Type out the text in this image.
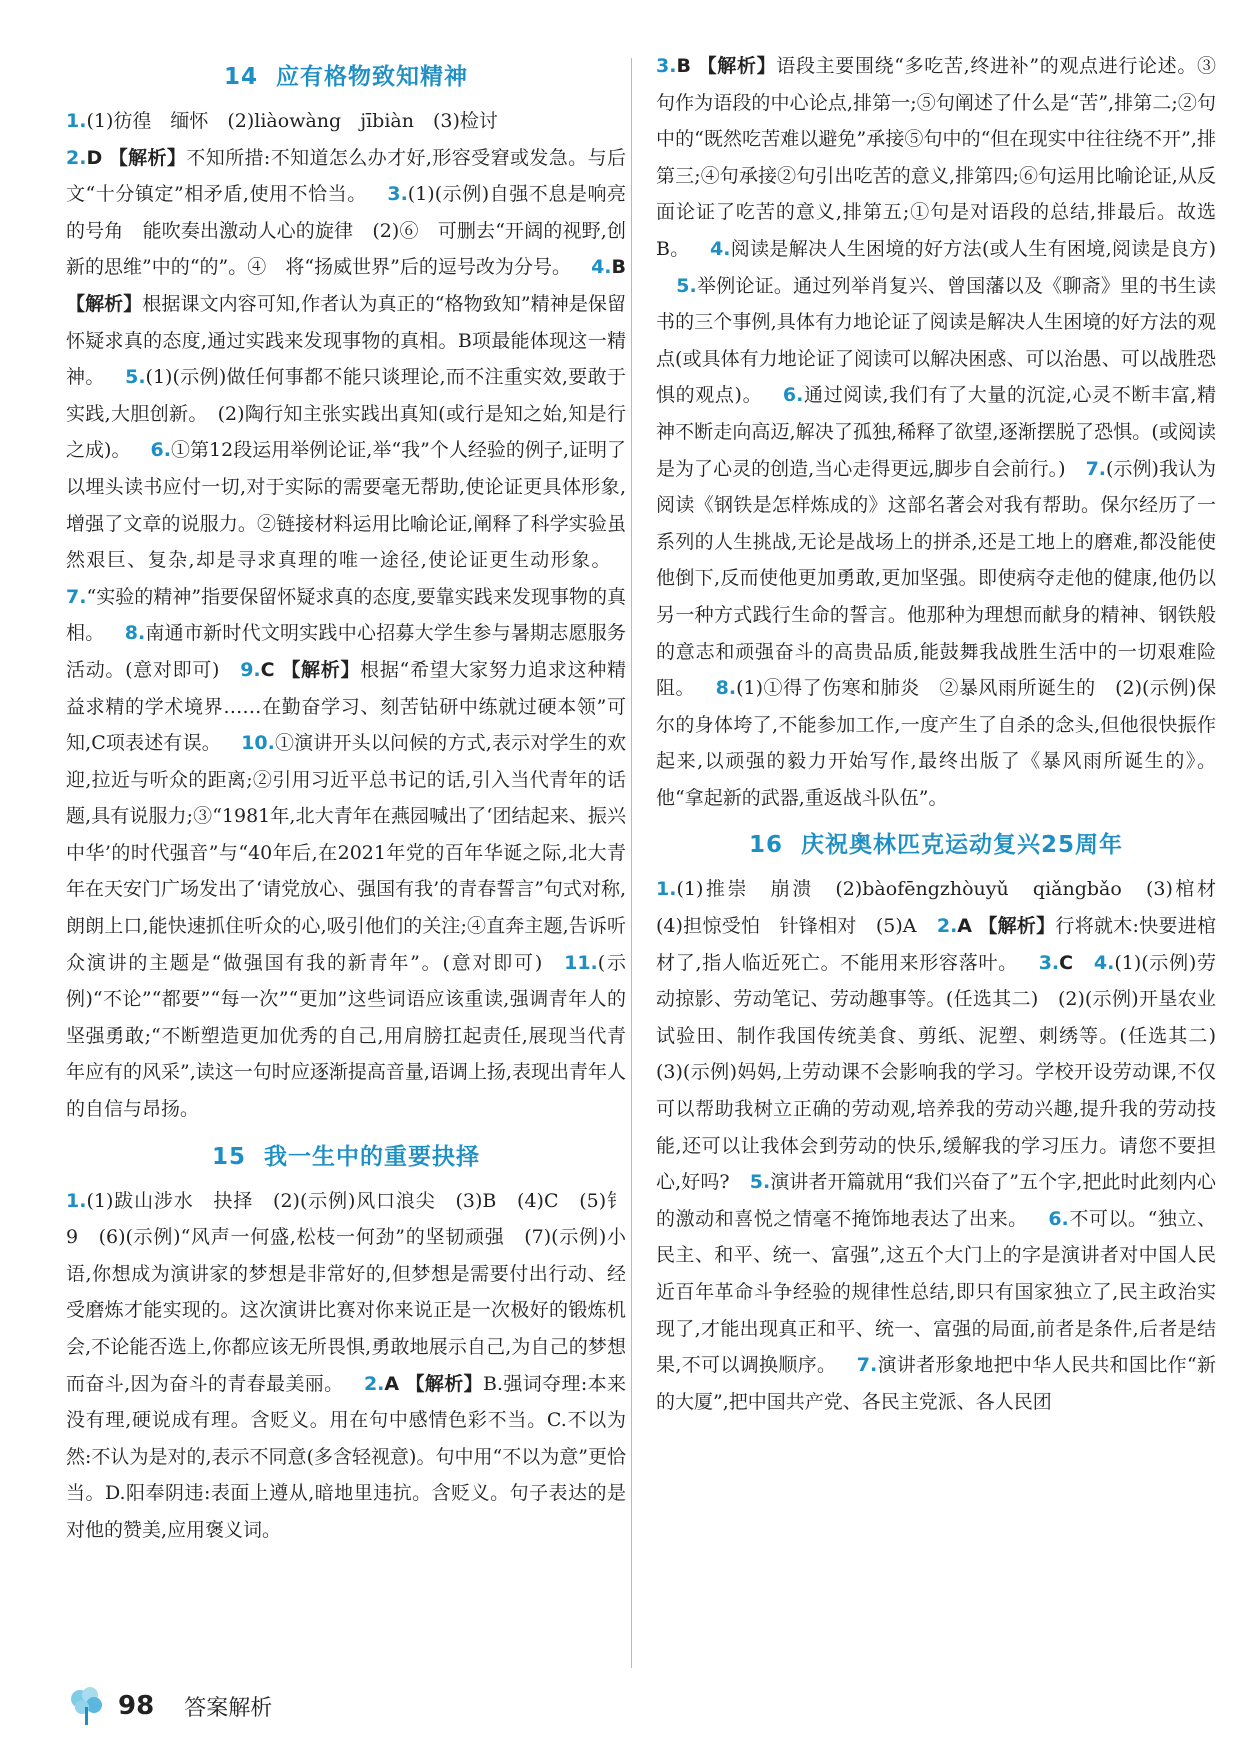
14 应有格物致知精神

1.(1)彷徨　缅怀　(2)liàowàng　jībiàn　(3)检讨
2.D 【解析】不知所措:不知道怎么办才好,形容受窘或发急。与后文“十分镇定”相矛盾,使用不恰当。 3.(1)(示例)自强不息是响亮的号角　能吹奏出激动人心的旋律　(2)⑥　可删去“开阔的视野,创新的思维”中的“的”。④　将“扬威世界”后的逗号改为分号。 4.B 【解析】根据课文内容可知,作者认为真正的“格物致知”精神是保留怀疑求真的态度,通过实践来发现事物的真相。B项最能体现这一精神。 5.(1)(示例)做任何事都不能只谈理论,而不注重实效,要敢于实践,大胆创新。　(2)陶行知主张实践出真知(或行是知之始,知是行之成)。 6.①第12段运用举例论证,举“我”个人经验的例子,证明了以埋头读书应付一切,对于实际的需要毫无帮助,使论证更具体形象,增强了文章的说服力。②链接材料运用比喻论证,阐释了科学实验虽然艰巨、复杂,却是寻求真理的唯一途径,使论证更生动形象。 7.“实验的精神”指要保留怀疑求真的态度,要靠实践来发现事物的真相。 8.南通市新时代文明实践中心招募大学生参与暑期志愿服务活动。(意对即可) 9.C 【解析】根据“希望大家努力追求这种精益求精的学术境界……在勤奋学习、刻苦钻研中练就过硬本领”可知,C项表述有误。 10.①演讲开头以问候的方式,表示对学生的欢迎,拉近与听众的距离;②引用习近平总书记的话,引入当代青年的话题,具有说服力;③“1981年,北大青年在燕园喊出了‘团结起来、振兴中华’的时代强音”与“40年后,在2021年党的百年华诞之际,北大青年在天安门广场发出了‘请党放心、强国有我’的青春誓言”句式对称,朗朗上口,能快速抓住听众的心,吸引他们的关注;④直奔主题,告诉听众演讲的主题是“做强国有我的新青年”。(意对即可) 11.(示例)“不论”“都要”“每一次”“更加”这些词语应该重读,强调青年人的坚强勇敢;“不断塑造更加优秀的自己,用肩膀扛起责任,展现当代青年应有的风采”,读这一句时应逐渐提高音量,语调上扬,表现出青年人的自信与昂扬。

15 我一生中的重要抉择

1.(1)跋山涉水　抉择　(2)(示例)风口浪尖　(3)B　(4)C　(5)钅　9　(6)(示例)“风声一何盛,松枝一何劲”的坚韧顽强　(7)(示例)小语,你想成为演讲家的梦想是非常好的,但梦想是需要付出行动、经受磨炼才能实现的。这次演讲比赛对你来说正是一次极好的锻炼机会,不论能否选上,你都应该无所畏惧,勇敢地展示自己,为自己的梦想而奋斗,因为奋斗的青春最美丽。 2.A 【解析】B.强词夺理:本来没有理,硬说成有理。含贬义。用在句中感情色彩不当。C.不以为然:不认为是对的,表示不同意(多含轻视意)。句中用“不以为意”更恰当。D.阳奉阴违:表面上遵从,暗地里违抗。含贬义。句子表达的是对他的赞美,应用褒义词。

3.B 【解析】语段主要围绕“多吃苦,终进补”的观点进行论述。③句作为语段的中心论点,排第一;⑤句阐述了什么是“苦”,排第二;②句中的“既然吃苦难以避免”承接⑤句中的“但在现实中往往绕不开”,排第三;④句承接②句引出吃苦的意义,排第四;⑥句运用比喻论证,从反面论证了吃苦的意义,排第五;①句是对语段的总结,排最后。故选B。 4.阅读是解决人生困境的好方法(或人生有困境,阅读是良方) 5.举例论证。通过列举肖复兴、曾国藩以及《聊斋》里的书生读书的三个事例,具体有力地论证了阅读是解决人生困境的好方法的观点(或具体有力地论证了阅读可以解决困惑、可以治愚、可以战胜恐惧的观点)。 6.通过阅读,我们有了大量的沉淀,心灵不断丰富,精神不断走向高迈,解决了孤独,稀释了欲望,逐渐摆脱了恐惧。(或阅读是为了心灵的创造,当心走得更远,脚步自会前行。) 7.(示例)我认为阅读《钢铁是怎样炼成的》这部名著会对我有帮助。保尔经历了一系列的人生挑战,无论是战场上的拼杀,还是工地上的磨难,都没能使他倒下,反而使他更加勇敢,更加坚强。即使病夺走他的健康,他仍以另一种方式践行生命的誓言。他那种为理想而献身的精神、钢铁般的意志和顽强奋斗的高贵品质,能鼓舞我战胜生活中的一切艰难险阻。 8.(1)①得了伤寒和肺炎　②暴风雨所诞生的　(2)(示例)保尔的身体垮了,不能参加工作,一度产生了自杀的念头,但他很快振作起来,以顽强的毅力开始写作,最终出版了《暴风雨所诞生的》。他“拿起新的武器,重返战斗队伍”。

16 庆祝奥林匹克运动复兴25周年

1.(1)推崇　崩溃　(2)bàofēngzhòuyǔ　qiǎngbǎo　(3)棺材　(4)担惊受怕　针锋相对　(5)A 2.A 【解析】行将就木:快要进棺材了,指人临近死亡。不能用来形容落叶。 3.C 4.(1)(示例)劳动掠影、劳动笔记、劳动趣事等。(任选其二)　(2)(示例)开垦农业试验田、制作我国传统美食、剪纸、泥塑、刺绣等。(任选其二)　(3)(示例)妈妈,上劳动课不会影响我的学习。学校开设劳动课,不仅可以帮助我树立正确的劳动观,培养我的劳动兴趣,提升我的劳动技能,还可以让我体会到劳动的快乐,缓解我的学习压力。请您不要担心,好吗? 5.演讲者开篇就用“我们兴奋了”五个字,把此时此刻内心的激动和喜悦之情毫不掩饰地表达了出来。 6.不可以。“独立、民主、和平、统一、富强”,这五个大门上的字是演讲者对中国人民近百年革命斗争经验的规律性总结,即只有国家独立了,民主政治实现了,才能出现真正和平、统一、富强的局面,前者是条件,后者是结果,不可以调换顺序。 7.演讲者形象地把中华人民共和国比作“新的大厦”,把中国共产党、各民主党派、各人民团

98 答案解析
